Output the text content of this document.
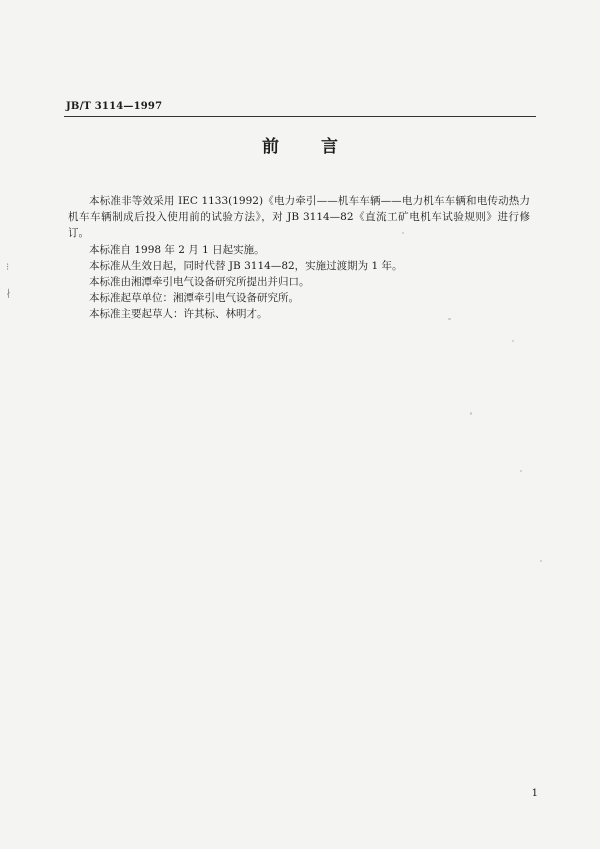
JB/T 3114—1997
前 言

本标准非等效采用 IEC 1133(1992)《电力牵引——机车车辆——电力机车车辆和电传动热力机车车辆制成后投入使用前的试验方法》，对 JB 3114—82《直流工矿电机车试验规则》进行修订。

本标准自 1998 年 2 月 1 日起实施。

本标准从生效日起，同时代替 JB 3114—82，实施过渡期为 1 年。

本标准由湘潭牵引电气设备研究所提出并归口。

本标准起草单位：湘潭牵引电气设备研究所。

本标准主要起草人：许其标、林明才。

1
⁝
∤
